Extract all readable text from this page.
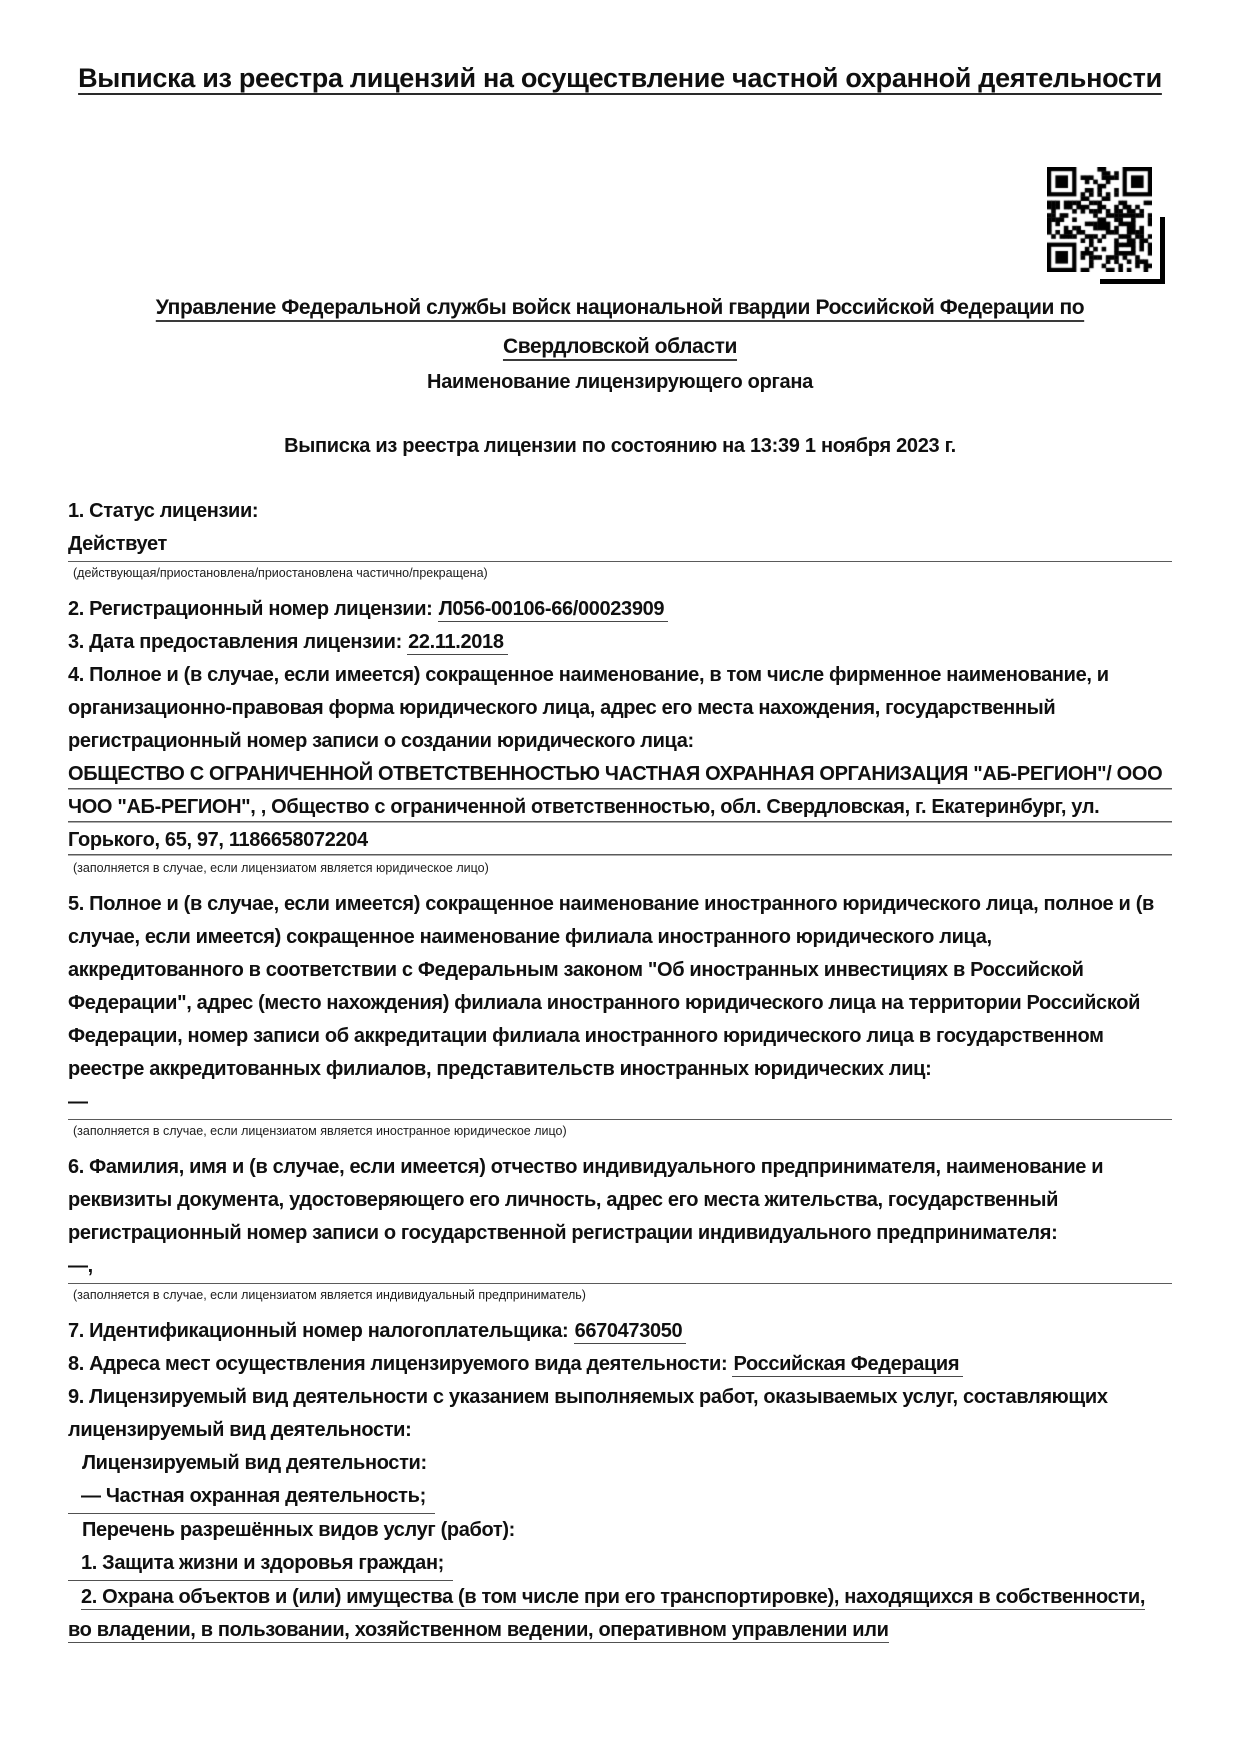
Выписка из реестра лицензий на осуществление частной охранной деятельности
Управление Федеральной службы войск национальной гвардии Российской Федерации по Свердловской области
Наименование лицензирующего органа

Выписка из реестра лицензии по состоянию на 13:39 1 ноября 2023 г.

1. Статус лицензии:

Действует
(действующая/приостановлена/приостановлена частично/прекращена)

2. Регистрационный номер лицензии: Л056-00106-66/00023909

3. Дата предоставления лицензии: 22.11.2018

4. Полное и (в случае, если имеется) сокращенное наименование, в том числе фирменное наименование, и организационно-правовая форма юридического лица, адрес его места нахождения, государственный регистрационный номер записи о создании юридического лица:

ОБЩЕСТВО С ОГРАНИЧЕННОЙ ОТВЕТСТВЕННОСТЬЮ ЧАСТНАЯ ОХРАННАЯ ОРГАНИЗАЦИЯ "АБ-РЕГИОН"/ ООО ЧОО "АБ-РЕГИОН", , Общество с ограниченной ответственностью, обл. Свердловская, г. Екатеринбург, ул. Горького, 65, 97, 1186658072204
(заполняется в случае, если лицензиатом является юридическое лицо)

5. Полное и (в случае, если имеется) сокращенное наименование иностранного юридического лица, полное и (в случае, если имеется) сокращенное наименование филиала иностранного юридического лица, аккредитованного в соответствии с Федеральным законом "Об иностранных инвестициях в Российской Федерации", адрес (место нахождения) филиала иностранного юридического лица на территории Российской Федерации, номер записи об аккредитации филиала иностранного юридического лица в государственном реестре аккредитованных филиалов, представительств иностранных юридических лиц:

—
(заполняется в случае, если лицензиатом является иностранное юридическое лицо)

6. Фамилия, имя и (в случае, если имеется) отчество индивидуального предпринимателя, наименование и реквизиты документа, удостоверяющего его личность, адрес его места жительства, государственный регистрационный номер записи о государственной регистрации индивидуального предпринимателя:

—,
(заполняется в случае, если лицензиатом является индивидуальный предприниматель)

7. Идентификационный номер налогоплательщика: 6670473050

8. Адреса мест осуществления лицензируемого вида деятельности: Российская Федерация

9. Лицензируемый вид деятельности с указанием выполняемых работ, оказываемых услуг, составляющих лицензируемый вид деятельности:

Лицензируемый вид деятельности:

— Частная охранная деятельность;

Перечень разрешённых видов услуг (работ):

1. Защита жизни и здоровья граждан;

2. Охрана объектов и (или) имущества (в том числе при его транспортировке), находящихся в собственности, во владении, в пользовании, хозяйственном ведении, оперативном управлении или
